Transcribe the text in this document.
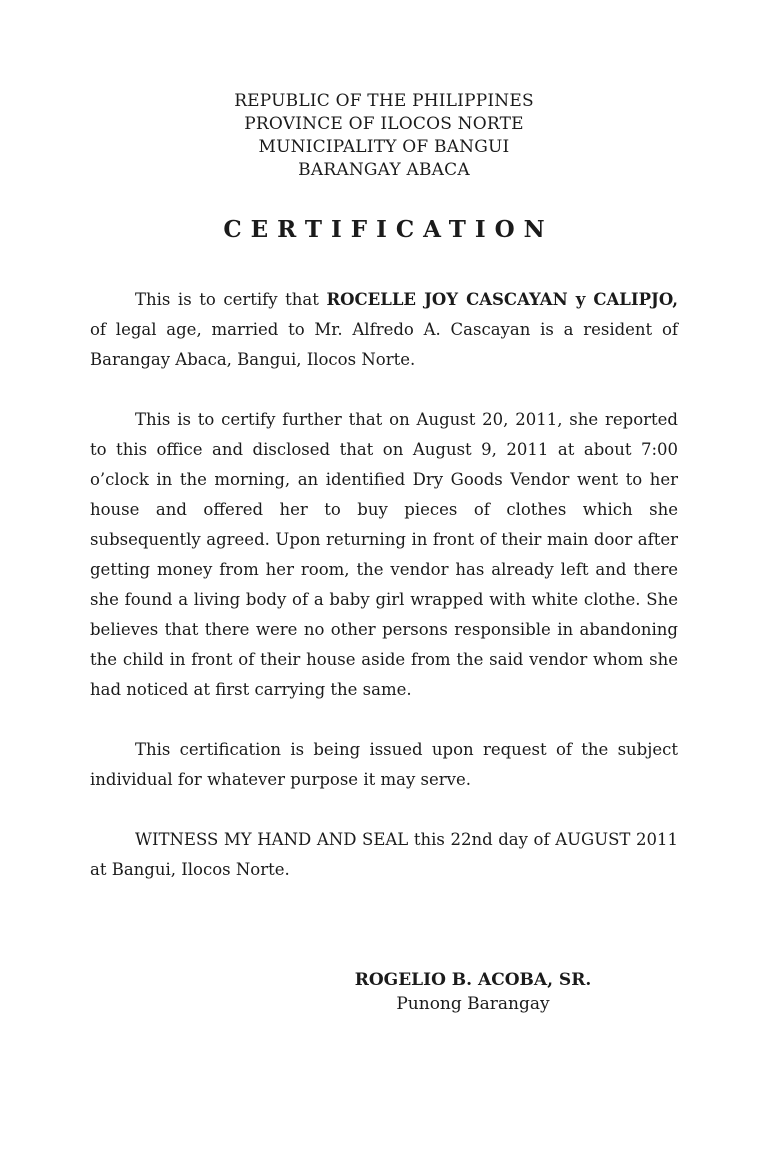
REPUBLIC OF THE PHILIPPINES
PROVINCE OF ILOCOS NORTE
MUNICIPALITY OF BANGUI
BARANGAY ABACA
CERTIFICATION

This is to certify that ROCELLE JOY CASCAYAN y CALIPJO, of legal age, married to Mr. Alfredo A. Cascayan is a resident of Barangay Abaca, Bangui, Ilocos Norte.

This is to certify further that on August 20, 2011, she reported to this office and disclosed that on August 9, 2011 at about 7:00 o’clock in the morning, an identified Dry Goods Vendor went to her house and offered her to buy pieces of clothes which she subsequently agreed. Upon returning in front of their main door after getting money from her room, the vendor has already left and there she found a living body of a baby girl wrapped with white clothe. She believes that there were no other persons responsible in abandoning the child in front of their house aside from the said vendor whom she had noticed at first carrying the same.

This certification is being issued upon request of the subject individual for whatever purpose it may serve.

WITNESS MY HAND AND SEAL this 22nd day of AUGUST 2011 at Bangui, Ilocos Norte.

ROGELIO B. ACOBA, SR.
Punong Barangay
